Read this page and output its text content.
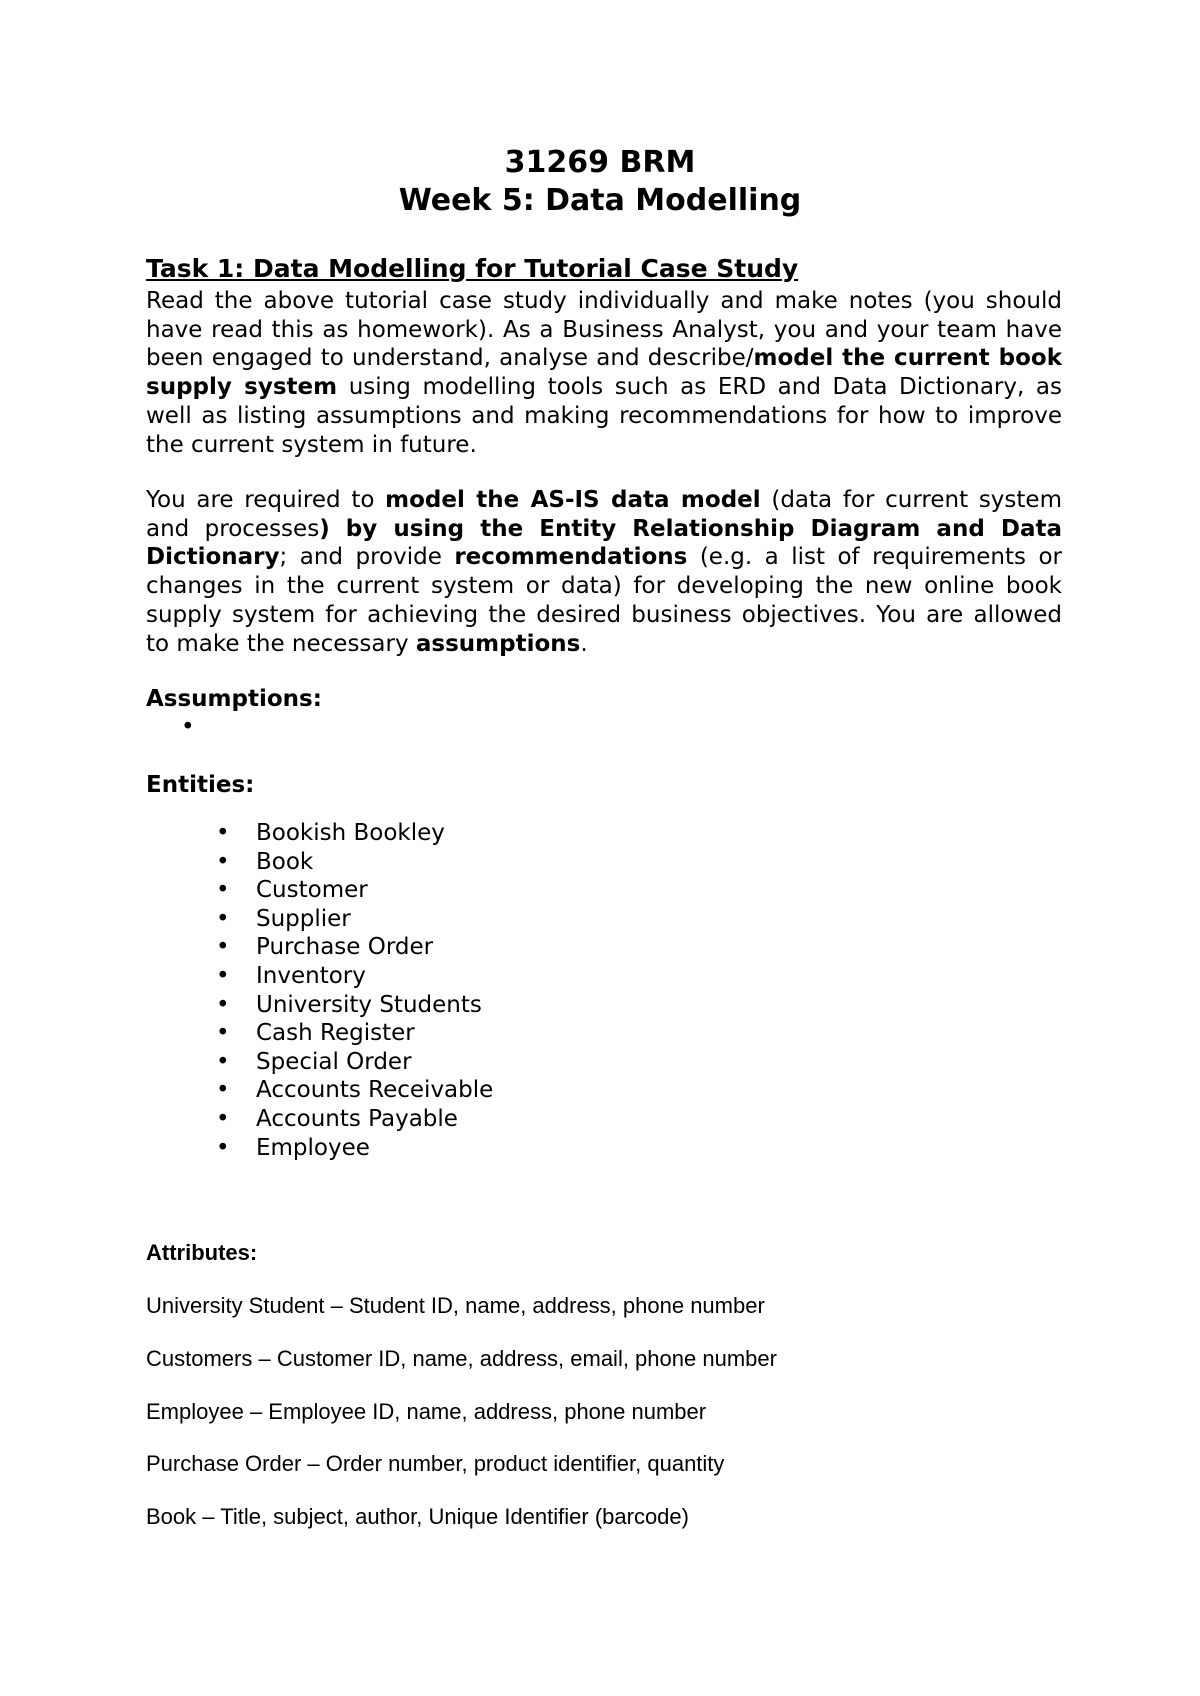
31269 BRM
Week 5: Data Modelling
Task 1: Data Modelling for Tutorial Case Study
Read the above tutorial case study individually and make notes (you should have read this as homework). As a Business Analyst, you and your team have been engaged to understand, analyse and describe/model the current book supply system using modelling tools such as ERD and Data Dictionary, as well as listing assumptions and making recommendations for how to improve the current system in future.
You are required to model the AS-IS data model (data for current system and processes) by using the Entity Relationship Diagram and Data Dictionary; and provide recommendations (e.g. a list of requirements or changes in the current system or data) for developing the new online book supply system for achieving the desired business objectives. You are allowed to make the necessary assumptions.
Assumptions:
•
Entities:
• Bookish Bookley
• Book
• Customer
• Supplier
• Purchase Order
• Inventory
• University Students
• Cash Register
• Special Order
• Accounts Receivable
• Accounts Payable
• Employee
Attributes:
University Student – Student ID, name, address, phone number
Customers – Customer ID, name, address, email, phone number
Employee – Employee ID, name, address, phone number
Purchase Order – Order number, product identifier, quantity
Book – Title, subject, author, Unique Identifier (barcode)
